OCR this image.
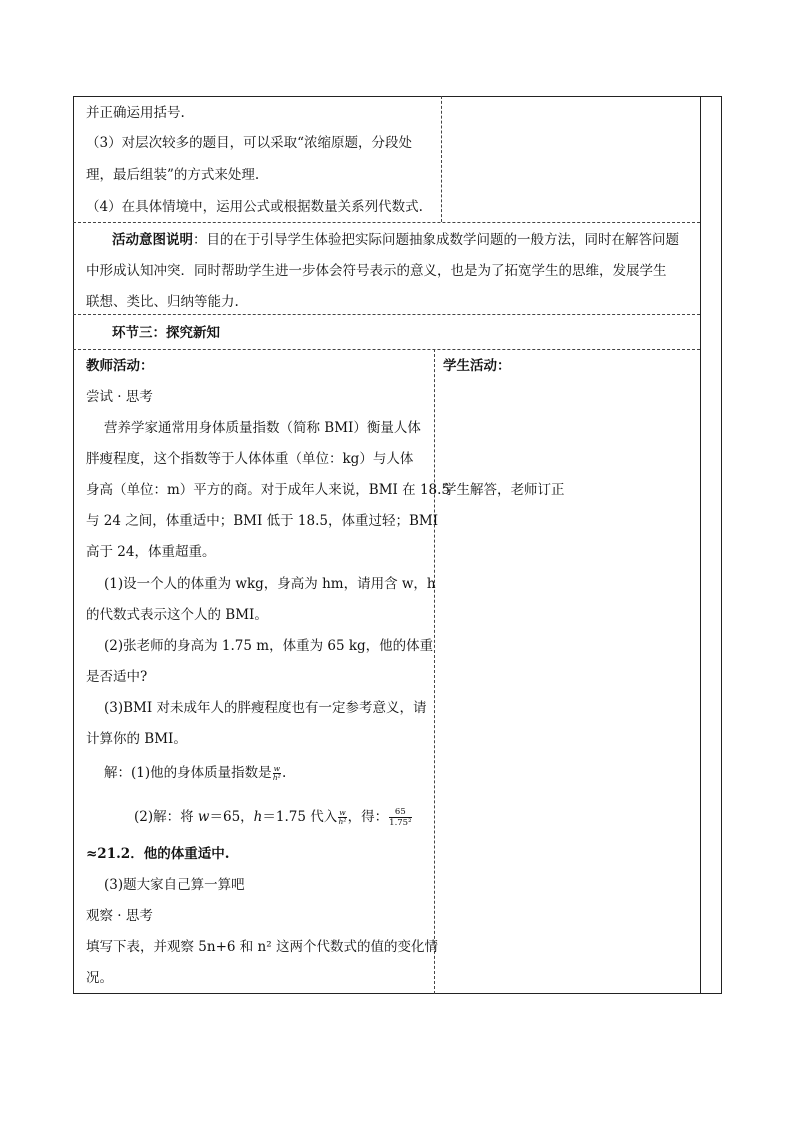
并正确运用括号.
（3）对层次较多的题目，可以采取“浓缩原题，分段处
理，最后组装”的方式来处理.
（4）在具体情境中，运用公式或根据数量关系列代数式.
活动意图说明：目的在于引导学生体验把实际问题抽象成数学问题的一般方法，同时在解答问题
中形成认知冲突．同时帮助学生进一步体会符号表示的意义，也是为了拓宽学生的思维，发展学生
联想、类比、归纳等能力.
环节三：探究新知
教师活动：
尝试 · 思考
营养学家通常用身体质量指数（简称 BMI）衡量人体
胖瘦程度，这个指数等于人体体重（单位：kg）与人体
身高（单位：m）平方的商。对于成年人来说，BMI 在 18.5
与 24 之间，体重适中；BMI 低于 18.5，体重过轻；BMI
高于 24，体重超重。
(1)设一个人的体重为 wkg，身高为 hm，请用含 w，h
的代数式表示这个人的 BMI。
(2)张老师的身高为 1.75 m，体重为 65 kg，他的体重
是否适中?
(3)BMI 对未成年人的胖瘦程度也有一定参考意义，请
计算你的 BMI。
解：(1)他的身体质量指数是 $\frac{w}{\text{h²}}$ .
(2)解：将 w＝65，h＝1.75 代入 $\frac{w}{\text{h²}}$ ，得： $\frac{65}{\text{1.75²}}$
≈21.2．他的体重适中.
(3)题大家自己算一算吧
观察 · 思考
填写下表，并观察 5n+6 和 n² 这两个代数式的值的变化情
况。
学生活动：
学生解答，老师订正
